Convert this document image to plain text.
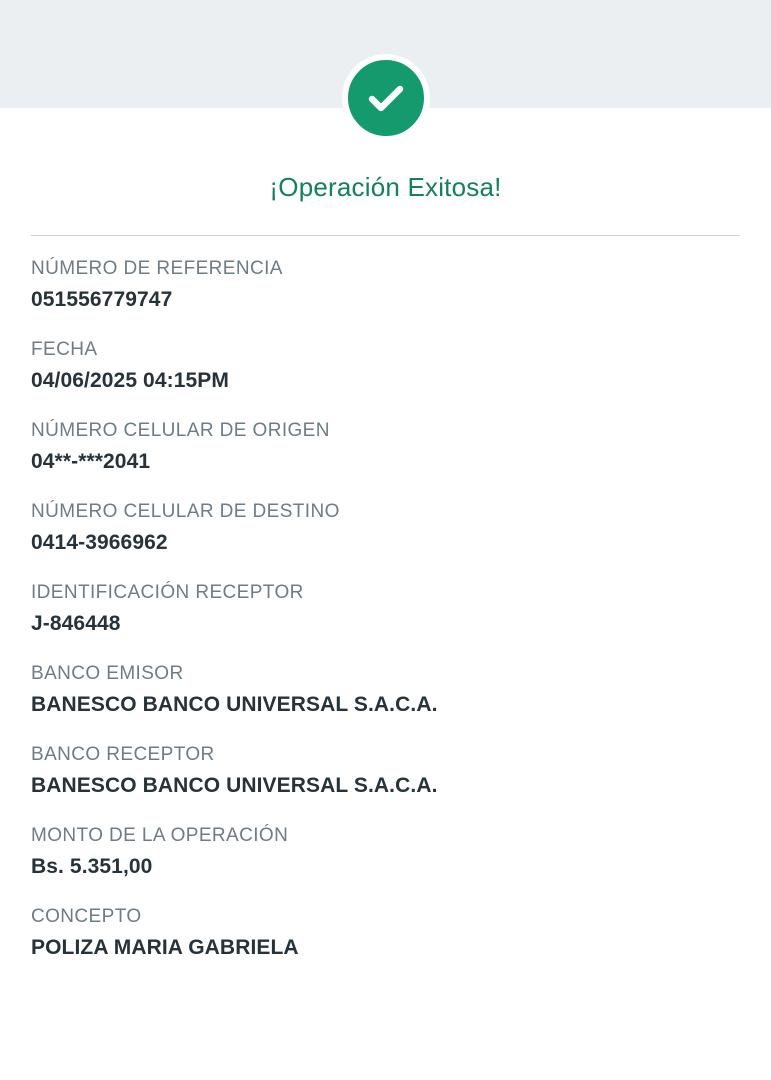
¡Operación Exitosa!
NÚMERO DE REFERENCIA
051556779747
FECHA
04/06/2025 04:15PM
NÚMERO CELULAR DE ORIGEN
04**-***2041
NÚMERO CELULAR DE DESTINO
0414-3966962
IDENTIFICACIÓN RECEPTOR
J-846448
BANCO EMISOR
BANESCO BANCO UNIVERSAL S.A.C.A.
BANCO RECEPTOR
BANESCO BANCO UNIVERSAL S.A.C.A.
MONTO DE LA OPERACIÓN
Bs. 5.351,00
CONCEPTO
POLIZA MARIA GABRIELA
